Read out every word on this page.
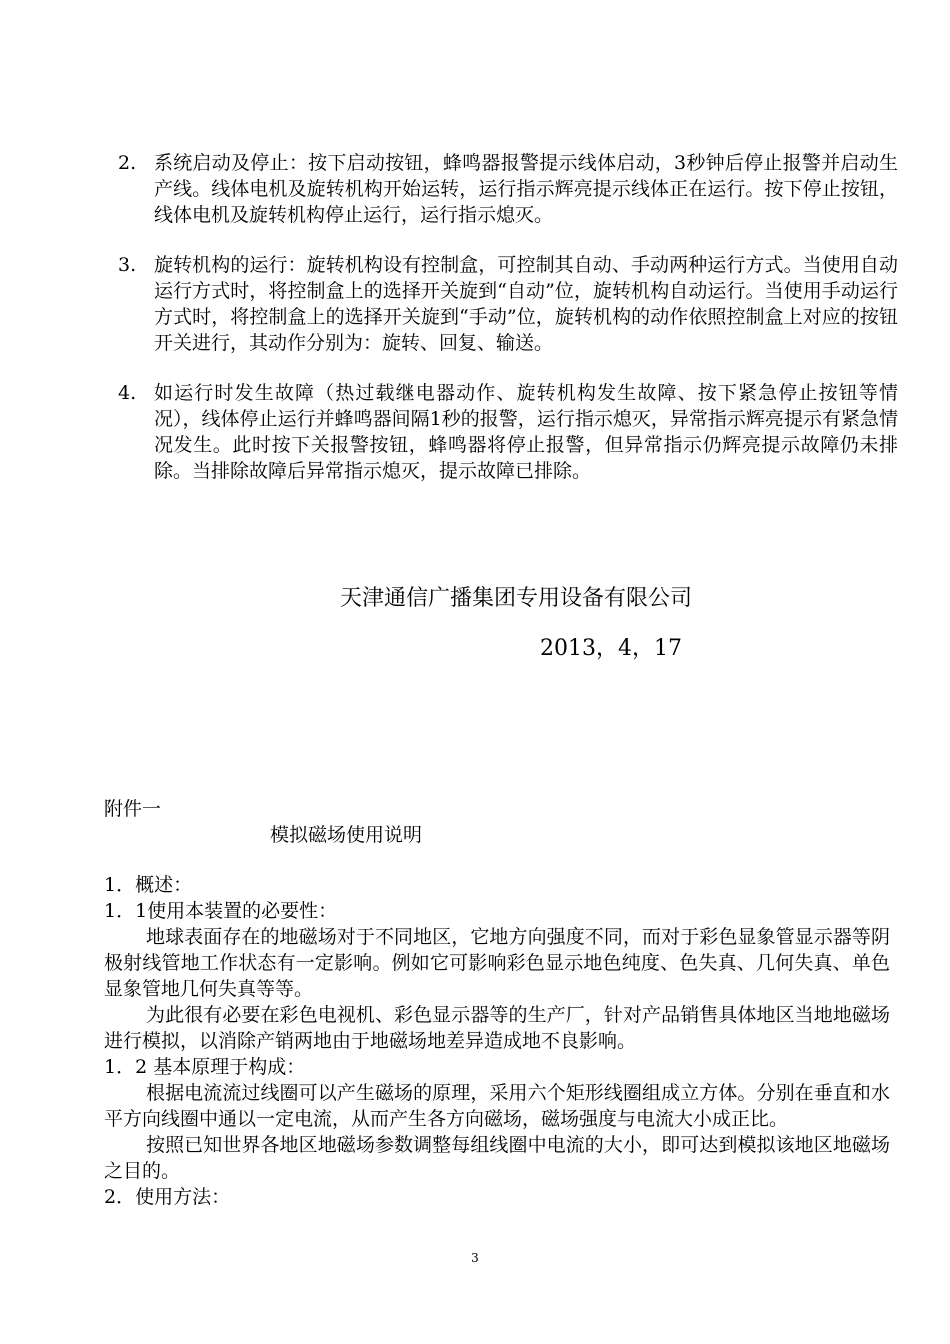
2. 系统启动及停止：按下启动按钮，蜂鸣器报警提示线体启动，3秒钟后停止报警并启动生产线。线体电机及旋转机构开始运转，运行指示辉亮提示线体正在运行。按下停止按钮，线体电机及旋转机构停止运行，运行指示熄灭。
3. 旋转机构的运行：旋转机构设有控制盒，可控制其自动、手动两种运行方式。当使用自动运行方式时，将控制盒上的选择开关旋到“自动”位，旋转机构自动运行。当使用手动运行方式时，将控制盒上的选择开关旋到“手动”位，旋转机构的动作依照控制盒上对应的按钮开关进行，其动作分别为：旋转、回复、输送。
4. 如运行时发生故障（热过载继电器动作、旋转机构发生故障、按下紧急停止按钮等情况），线体停止运行并蜂鸣器间隔1秒的报警，运行指示熄灭，异常指示辉亮提示有紧急情况发生。此时按下关报警按钮，蜂鸣器将停止报警，但异常指示仍辉亮提示故障仍未排除。当排除故障后异常指示熄灭，提示故障已排除。
天津通信广播集团专用设备有限公司
2013，4，17
附件一
模拟磁场使用说明

1．概述：

1．1使用本装置的必要性：

地球表面存在的地磁场对于不同地区，它地方向强度不同，而对于彩色显象管显示器等阴极射线管地工作状态有一定影响。例如它可影响彩色显示地色纯度、色失真、几何失真、单色显象管地几何失真等等。

为此很有必要在彩色电视机、彩色显示器等的生产厂，针对产品销售具体地区当地地磁场进行模拟，以消除产销两地由于地磁场地差异造成地不良影响。

1．2 基本原理于构成：

根据电流流过线圈可以产生磁场的原理，采用六个矩形线圈组成立方体。分别在垂直和水平方向线圈中通以一定电流，从而产生各方向磁场，磁场强度与电流大小成正比。

按照已知世界各地区地磁场参数调整每组线圈中电流的大小，即可达到模拟该地区地磁场之目的。

2．使用方法：

3
